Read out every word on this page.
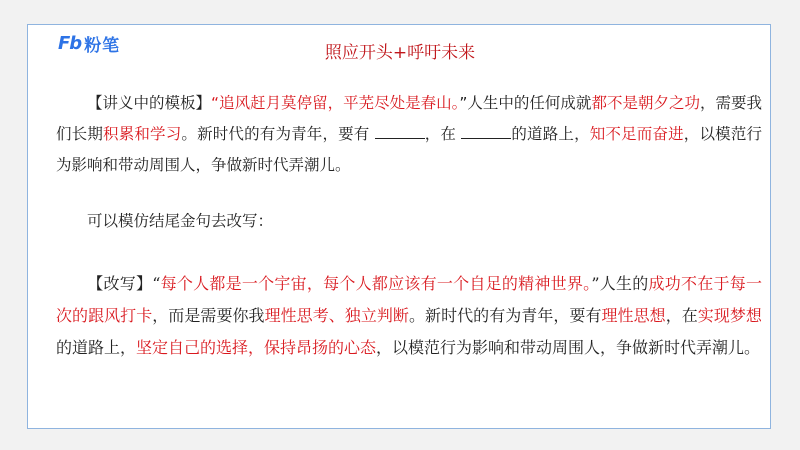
Fb 粉笔	照应开头+呼吁未来
【讲义中的模板】“追风赶月莫停留，平芜尽处是春山。”人生中的任何成就都不是朝夕之功，需要我们长期积累和学习。新时代的有为青年，要有	，在	的道路上，知不足而奋进，以模范行为影响和带动周围人，争做新时代弄潮儿。
可以模仿结尾金句去改写：
【改写】“每个人都是一个宇宙，每个人都应该有一个自足的精神世界。”人生的成功不在于每一次的跟风打卡，而是需要你我理性思考、独立判断。新时代的有为青年，要有理性思想，在实现梦想的道路上，坚定自己的选择，保持昂扬的心态，以模范行为影响和带动周围人，争做新时代弄潮儿。
